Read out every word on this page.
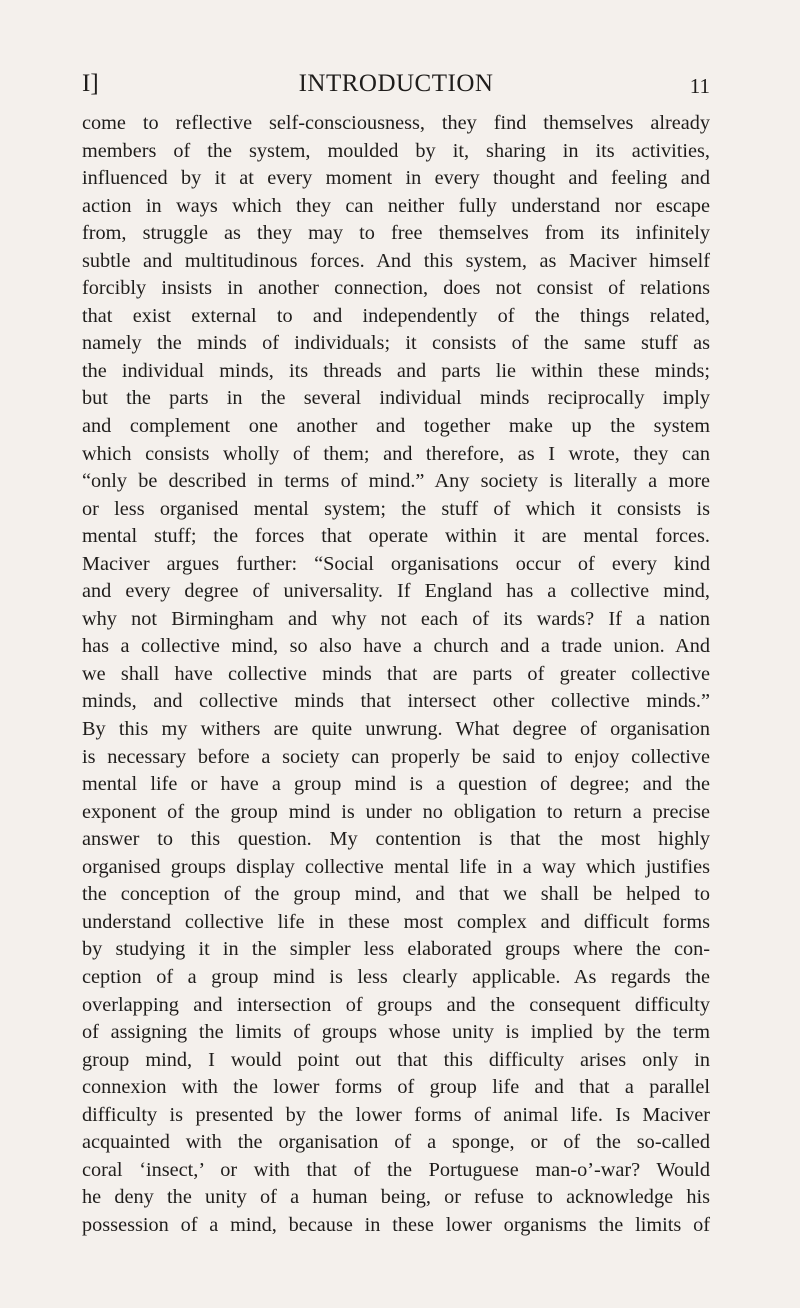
I]	INTRODUCTION	11
come to reflective self-consciousness, they find themselves already
members of the system, moulded by it, sharing in its activities,
influenced by it at every moment in every thought and feeling and
action in ways which they can neither fully understand nor escape
from, struggle as they may to free themselves from its infinitely
subtle and multitudinous forces. And this system, as Maciver himself
forcibly insists in another connection, does not consist of relations
that exist external to and independently of the things related,
namely the minds of individuals; it consists of the same stuff as
the individual minds, its threads and parts lie within these minds;
but the parts in the several individual minds reciprocally imply
and complement one another and together make up the system
which consists wholly of them; and therefore, as I wrote, they can
“only be described in terms of mind.” Any society is literally a more
or less organised mental system; the stuff of which it consists is
mental stuff; the forces that operate within it are mental forces.
Maciver argues further: “Social organisations occur of every kind
and every degree of universality. If England has a collective mind,
why not Birmingham and why not each of its wards? If a nation
has a collective mind, so also have a church and a trade union. And
we shall have collective minds that are parts of greater collective
minds, and collective minds that intersect other collective minds.”
By this my withers are quite unwrung. What degree of organisation
is necessary before a society can properly be said to enjoy collective
mental life or have a group mind is a question of degree; and the
exponent of the group mind is under no obligation to return a precise
answer to this question. My contention is that the most highly
organised groups display collective mental life in a way which justifies
the conception of the group mind, and that we shall be helped to
understand collective life in these most complex and difficult forms
by studying it in the simpler less elaborated groups where the con-
ception of a group mind is less clearly applicable. As regards the
overlapping and intersection of groups and the consequent difficulty
of assigning the limits of groups whose unity is implied by the term
group mind, I would point out that this difficulty arises only in
connexion with the lower forms of group life and that a parallel
difficulty is presented by the lower forms of animal life. Is Maciver
acquainted with the organisation of a sponge, or of the so-called
coral ‘insect,’ or with that of the Portuguese man-o’-war? Would
he deny the unity of a human being, or refuse to acknowledge his
possession of a mind, because in these lower organisms the limits of
